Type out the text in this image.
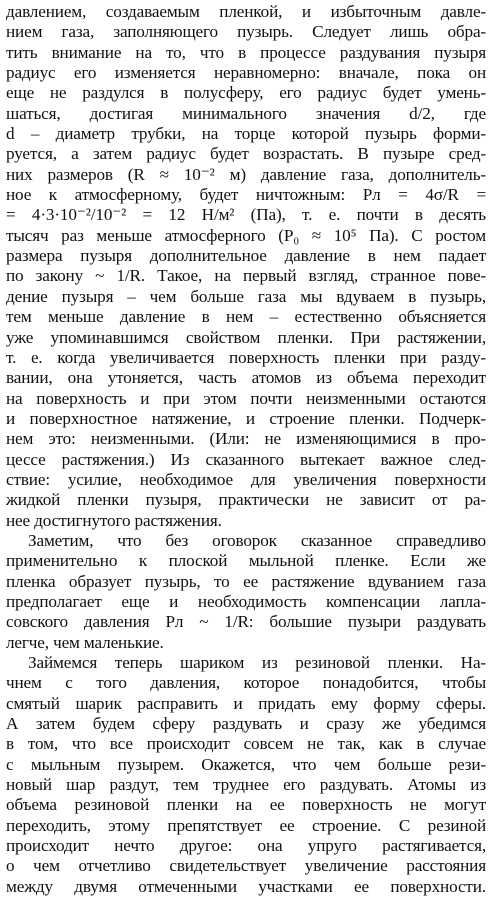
давлением, создаваемым пленкой, и избыточным давле-
нием газа, заполняющего пузырь. Следует лишь обра-
тить внимание на то, что в процессе раздувания пузыря
радиус его изменяется неравномерно: вначале, пока он
еще не раздулся в полусферу, его радиус будет умень-
шаться, достигая минимального значения d/2, где
d – диаметр трубки, на торце которой пузырь форми-
руется, а затем радиус будет возрастать. В пузыре сред-
них размеров (R ≈ 10⁻² м) давление газа, дополнитель-
ное к атмосферному, будет ничтожным: Pл = 4σ/R =
= 4·3·10⁻²/10⁻² = 12 Н/м² (Па), т. е. почти в десять
тысяч раз меньше атмосферного (P₀ ≈ 10⁵ Па). С ростом
размера пузыря дополнительное давление в нем падает
по закону ~ 1/R. Такое, на первый взгляд, странное пове-
дение пузыря – чем больше газа мы вдуваем в пузырь,
тем меньше давление в нем – естественно объясняется
уже упоминавшимся свойством пленки. При растяжении,
т. е. когда увеличивается поверхность пленки при разду-
вании, она утоняется, часть атомов из объема переходит
на поверхность и при этом почти неизменными остаются
и поверхностное натяжение, и строение пленки. Подчерк-
нем это: неизменными. (Или: не изменяющимися в про-
цессе растяжения.) Из сказанного вытекает важное след-
ствие: усилие, необходимое для увеличения поверхности
жидкой пленки пузыря, практически не зависит от ра-
нее достигнутого растяжения.
Заметим, что без оговорок сказанное справедливо
применительно к плоской мыльной пленке. Если же
пленка образует пузырь, то ее растяжение вдуванием газа
предполагает еще и необходимость компенсации лапла-
совского давления Pл ~ 1/R: большие пузыри раздувать
легче, чем маленькие.
Займемся теперь шариком из резиновой пленки. На-
чнем с того давления, которое понадобится, чтобы
смятый шарик расправить и придать ему форму сферы.
А затем будем сферу раздувать и сразу же убедимся
в том, что все происходит совсем не так, как в случае
с мыльным пузырем. Окажется, что чем больше рези-
новый шар раздут, тем труднее его раздувать. Атомы из
объема резиновой пленки на ее поверхность не могут
переходить, этому препятствует ее строение. С резиной
происходит нечто другое: она упруго растягивается,
о чем отчетливо свидетельствует увеличение расстояния
между двумя отмеченными участками ее поверхности.
